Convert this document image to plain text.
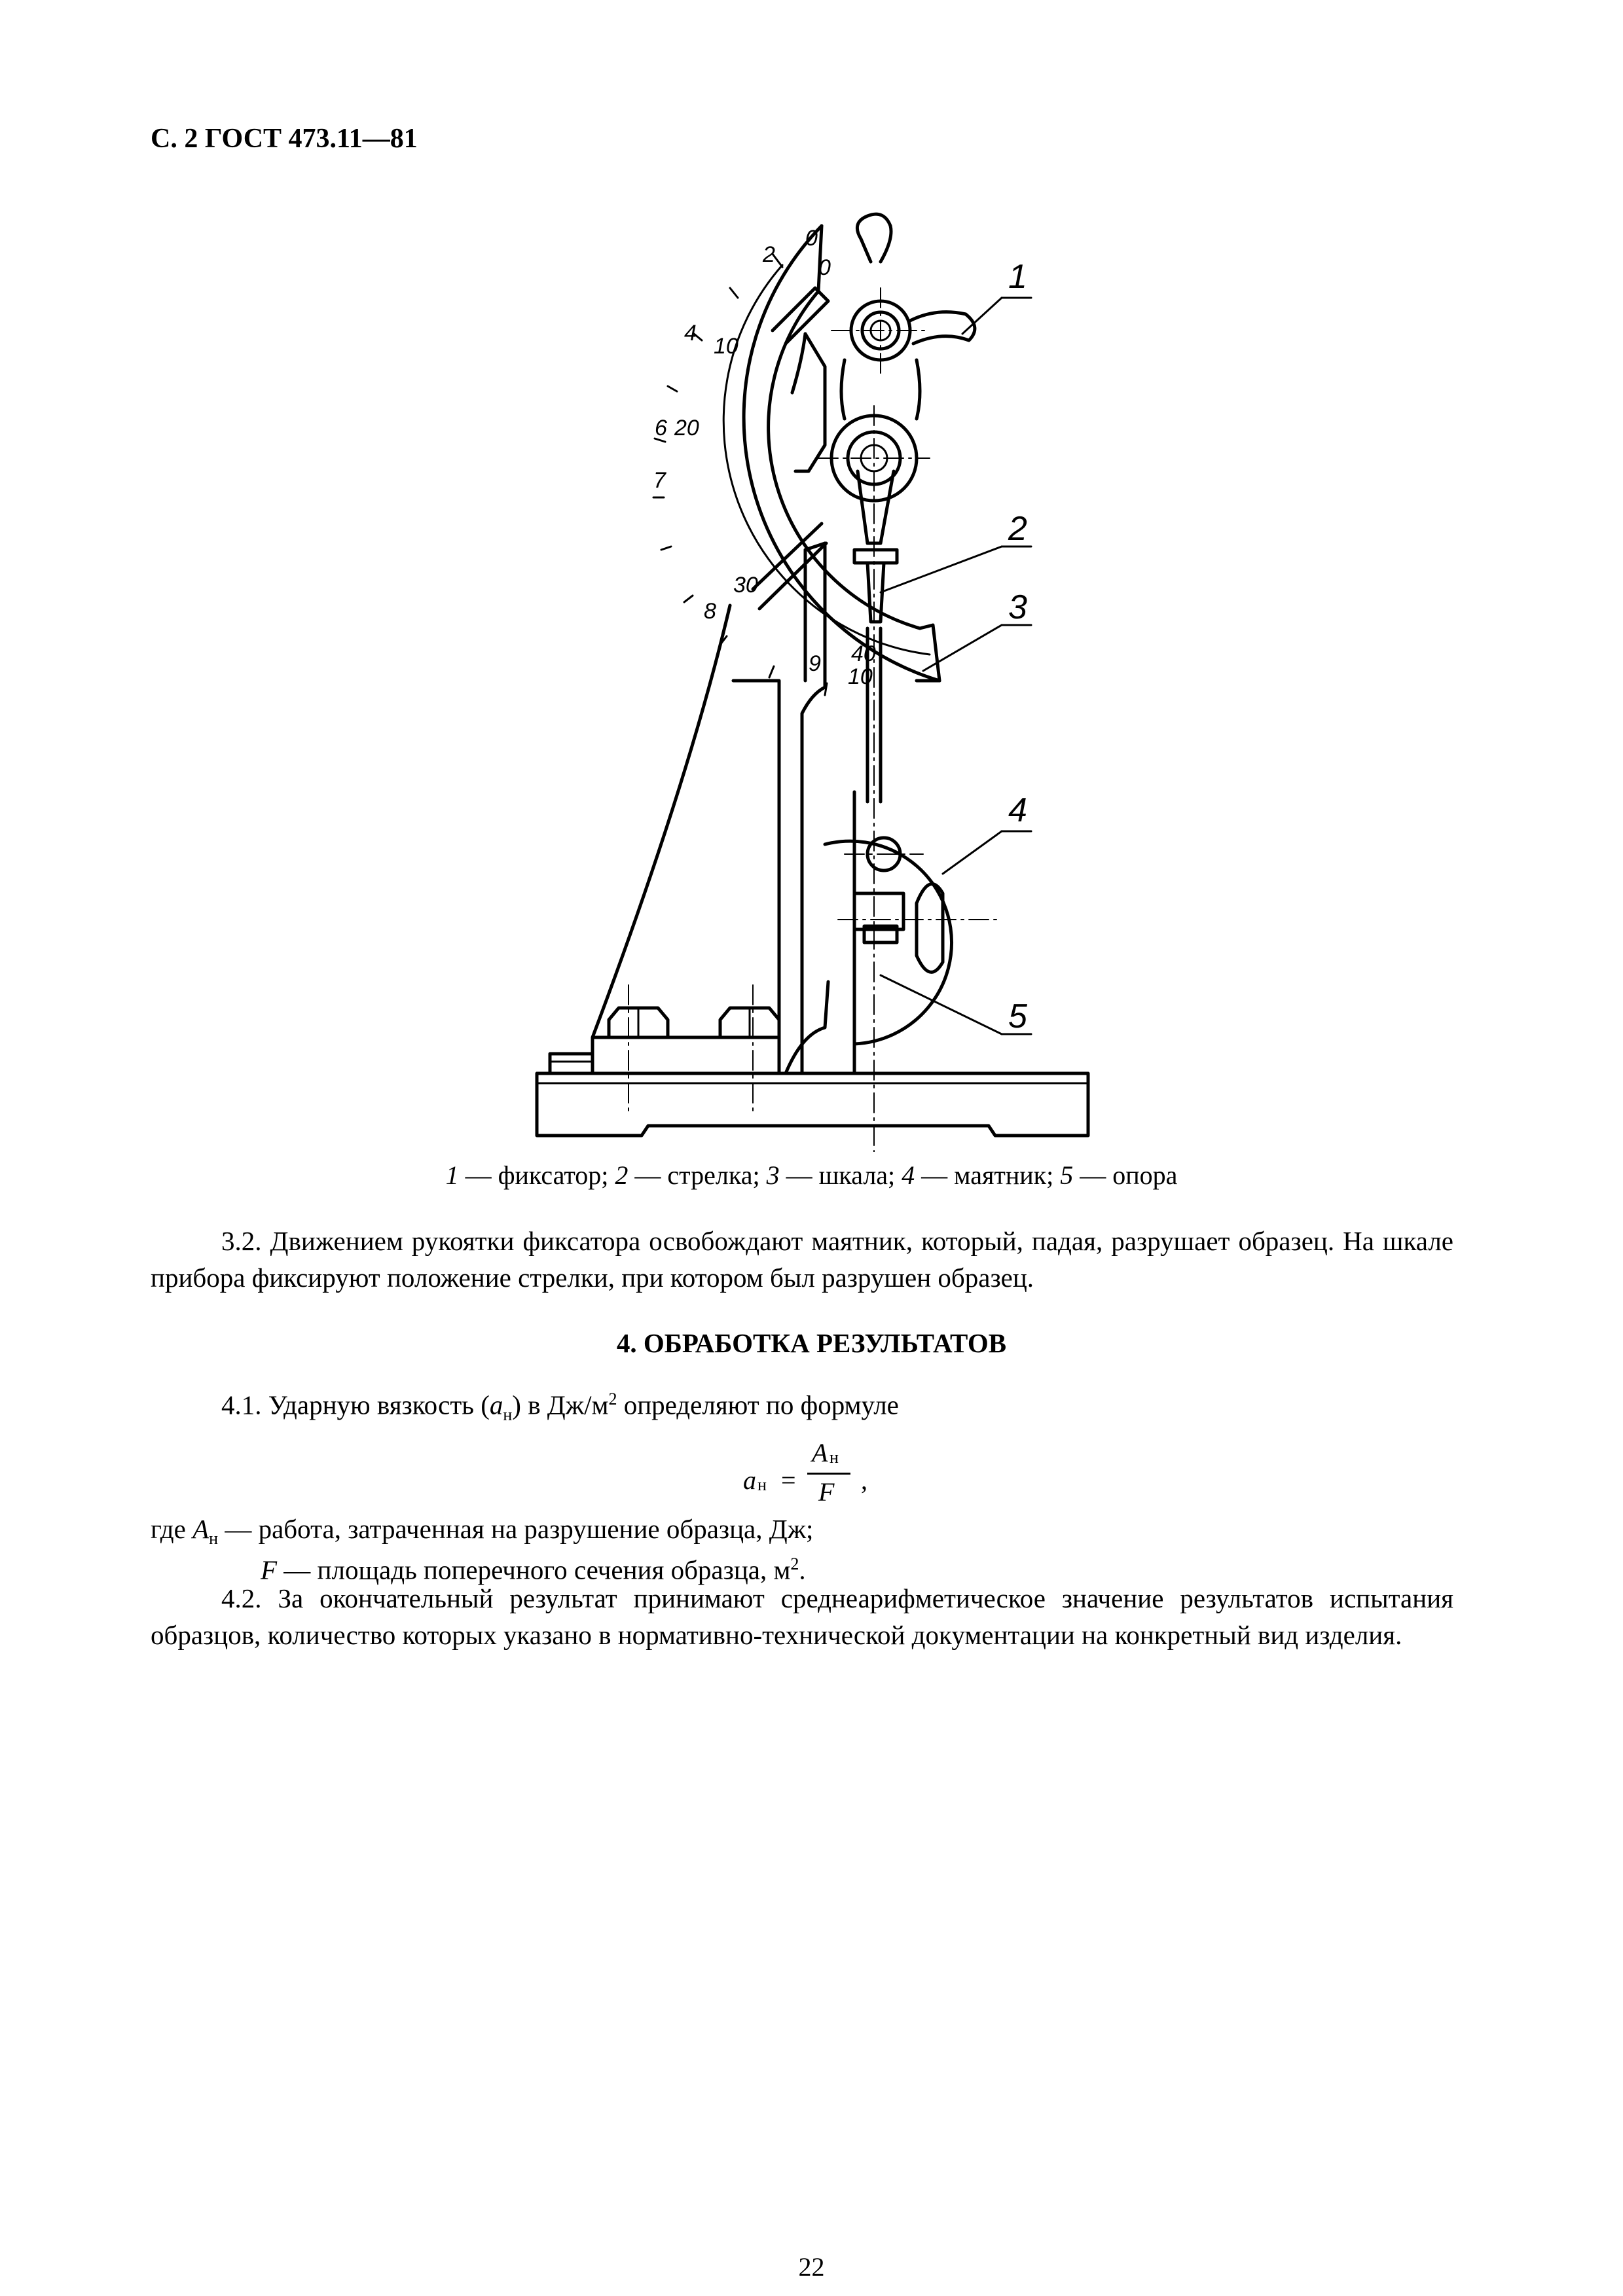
С. 2 ГОСТ 473.11—81
0
0
2
4
10
6 20
7
8
30
9 40
10
1
2
3
4
5
1 — фиксатор; 2 — стрелка; 3 — шкала; 4 — маятник; 5 — опора
3.2. Движением рукоятки фиксатора освобождают маятник, который, падая, разрушает образец. На шкале прибора фиксируют положение стрелки, при котором был разрушен образец.
4. ОБРАБОТКА РЕЗУЛЬТАТОВ
4.1. Ударную вязкость $(a_н)$ в $Дж/м^2$ определяют по формуле
a н =
A н
F ,
где $A_н$ — работа, затраченная на разрушение образца, Дж;
F — площадь поперечного сечения образца, $м^2$.
4.2. За окончательный результат принимают среднеарифметическое значение результатов испытания образцов, количество которых указано в нормативно-технической документации на конкретный вид изделия.
22
